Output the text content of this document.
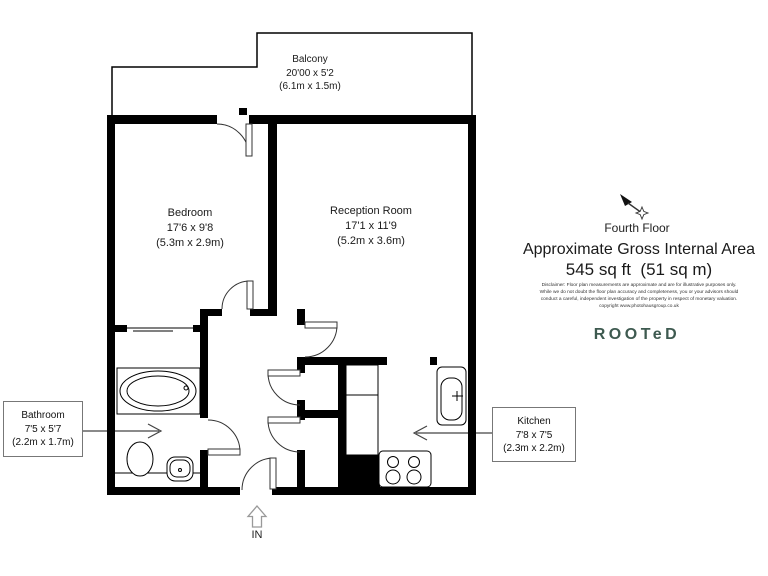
Balcony
20'00 x 5'2
(6.1m x 1.5m)
Bedroom
17'6 x 9'8
(5.3m x 2.9m)
Reception Room
17'1 x 11'9
(5.2m x 3.6m)
Bathroom
7'5 x 5'7
(2.2m x 1.7m)
Kitchen
7'8 x 7'5
(2.3m x 2.2m)
Fourth Floor
Approximate Gross Internal Area
545 sq ft  (51 sq m)
Disclaimer: Floor plan measurements are approximate and are for illustrative purposes only.
While we do not doubt the floor plan accuracy and completeness, you or your advisors should
conduct a careful, independent investigation of the property in respect of monetary valuation.
copyright www.photohausgroup.co.uk
ROOTeD
IN
